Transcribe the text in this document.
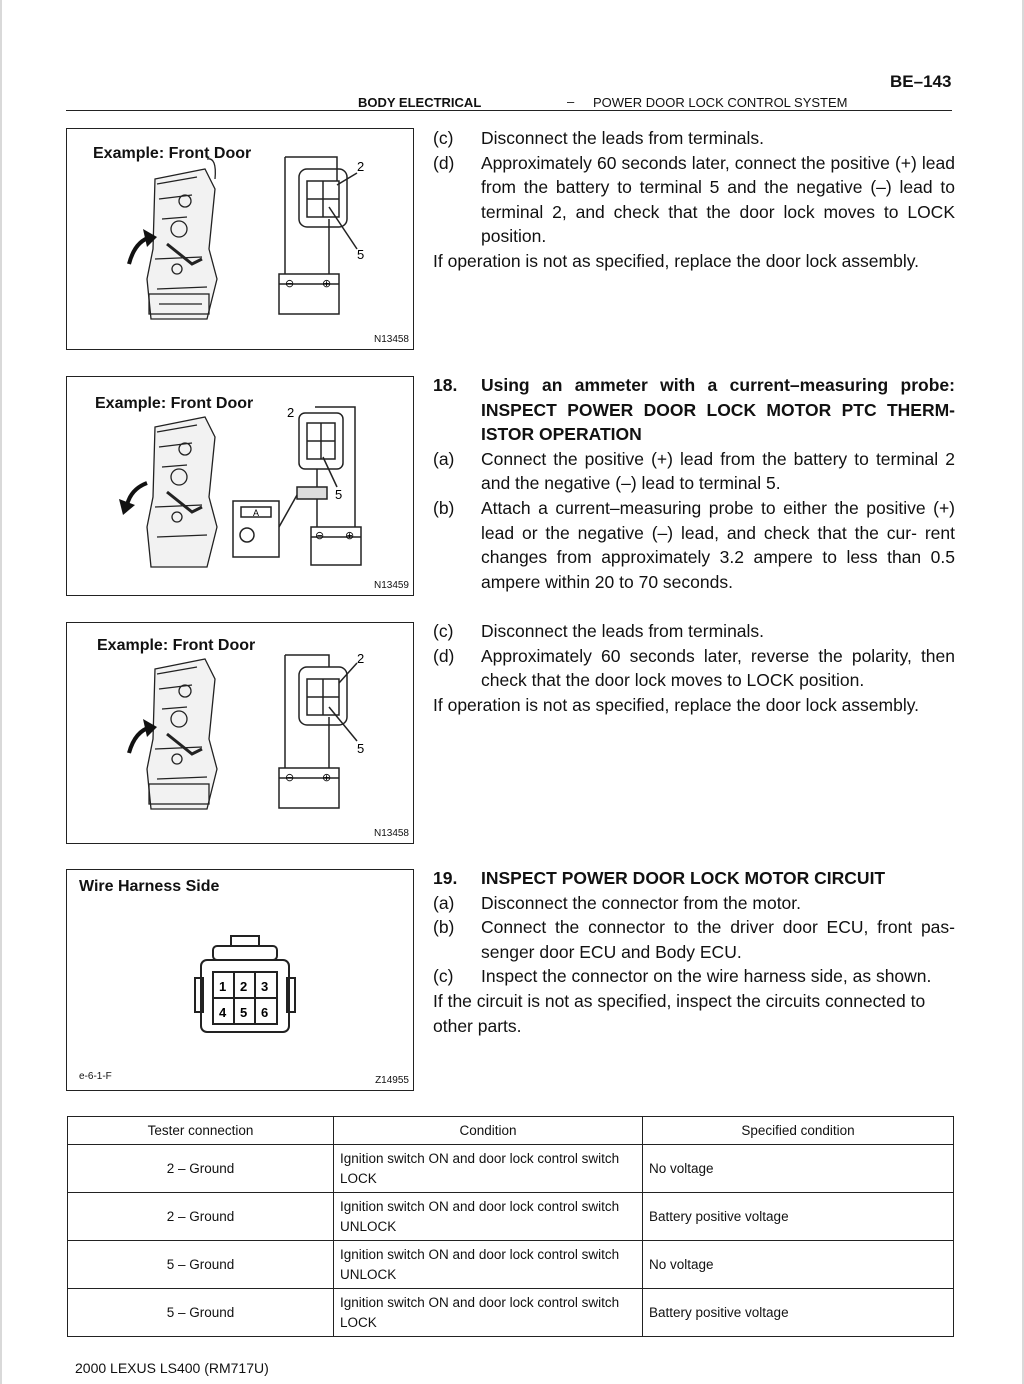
BE–143
BODY ELECTRICAL	– POWER DOOR LOCK CONTROL SYSTEM
Example: Front Door
⊖	⊕
2
5
N13458
(c)	Disconnect the leads from terminals.
(d)	Approximately 60 seconds later, connect the positive (+) lead from the battery to terminal 5 and the negative (–) lead to terminal 2, and check that the door lock moves to LOCK position.
If operation is not as specified, replace the door lock assembly.
Example: Front Door
A
⊖ ⊕
2
5
N13459
18.	Using an ammeter with a current–measuring probe: INSPECT POWER DOOR LOCK MOTOR PTC THERM- ISTOR OPERATION
(a)	Connect the positive (+) lead from the battery to terminal 2 and the negative (–) lead to terminal 5.
(b)	Attach a current–measuring probe to either the positive (+) lead or the negative (–) lead, and check that the cur- rent changes from approximately 3.2 ampere to less than 0.5 ampere within 20 to 70 seconds.
Example: Front Door
⊖	⊕
2
5
N13458
(c)	Disconnect the leads from terminals.
(d)	Approximately 60 seconds later, reverse the polarity, then check that the door lock moves to LOCK position.
If operation is not as specified, replace the door lock assembly.
Wire Harness Side
1 2 3
4 5 6
e-6-1-F	Z14955
19.	INSPECT POWER DOOR LOCK MOTOR CIRCUIT
(a)	Disconnect the connector from the motor.
(b)	Connect the connector to the driver door ECU, front pas- senger door ECU and Body ECU.
(c)	Inspect the connector on the wire harness side, as shown.
If the circuit is not as specified, inspect the circuits connected to other parts.
Tester connection	Condition	Specified condition
2 – Ground	Ignition switch ON and door lock control switch LOCK	No voltage
2 – Ground	Ignition switch ON and door lock control switch UNLOCK	Battery positive voltage
5 – Ground	Ignition switch ON and door lock control switch UNLOCK	No voltage
5 – Ground	Ignition switch ON and door lock control switch LOCK	Battery positive voltage
2000 LEXUS LS400 (RM717U)
